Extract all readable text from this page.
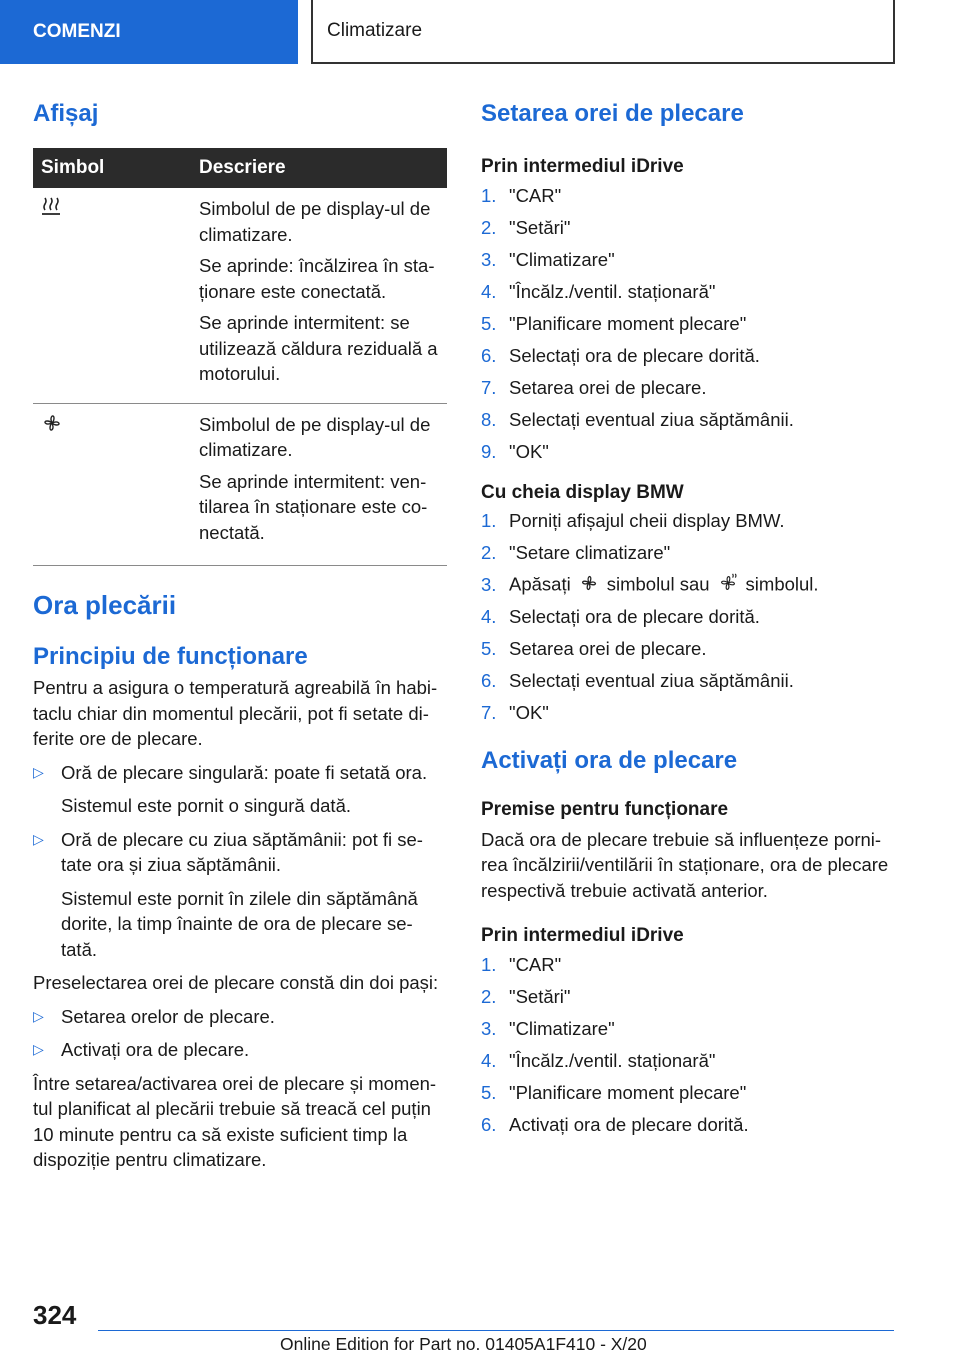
COMENZI	Climatizare
Afișaj
Simbol	Descriere

Simbolul de pe display-ul de climatizare.

Se aprinde: încălzirea în sta-ționare este conectată.

Se aprinde intermitent: se utilizează căldura reziduală a motorului.

Simbolul de pe display-ul de climatizare.

Se aprinde intermitent: ven-tilarea în staționare este co-nectată.

Ora plecării
Principiu de funcționare

Pentru a asigura o temperatură agreabilă în habi-taclu chiar din momentul plecării, pot fi setate di-ferite ore de plecare.

▷ Oră de plecare singulară: poate fi setată ora.

Sistemul este pornit o singură dată.

▷ Oră de plecare cu ziua săptămânii: pot fi se-tate ora și ziua săptămânii.

Sistemul este pornit în zilele din săptămână dorite, la timp înainte de ora de plecare se-tată.

Preselectarea orei de plecare constă din doi pași:

▷ Setarea orelor de plecare.

▷ Activați ora de plecare.

Între setarea/activarea orei de plecare și momen-tul planificat al plecării trebuie să treacă cel puțin 10 minute pentru ca să existe suficient timp la dispoziție pentru climatizare.

Setarea orei de plecare

Prin intermediul iDrive

1. "CAR"
2. "Setări"
3. "Climatizare"
4. "Încălz./ventil. staționară"
5. "Planificare moment plecare"
6. Selectați ora de plecare dorită.
7. Setarea orei de plecare.
8. Selectați eventual ziua săptămânii.
9. "OK"

Cu cheia display BMW

1. Porniți afișajul cheii display BMW.
2. "Setare climatizare"
3. Apăsați simbolul sau simbolul.
4. Selectați ora de plecare dorită.
5. Setarea orei de plecare.
6. Selectați eventual ziua săptămânii.
7. "OK"
Activați ora de plecare

Premise pentru funcționare

Dacă ora de plecare trebuie să influențeze porni-rea încălzirii/ventilării în staționare, ora de plecare respectivă trebuie activată anterior.

Prin intermediul iDrive

1. "CAR"
2. "Setări"
3. "Climatizare"
4. "Încălz./ventil. staționară"
5. "Planificare moment plecare"
6. Activați ora de plecare dorită.
324
Online Edition for Part no. 01405A1F410 - X/20
